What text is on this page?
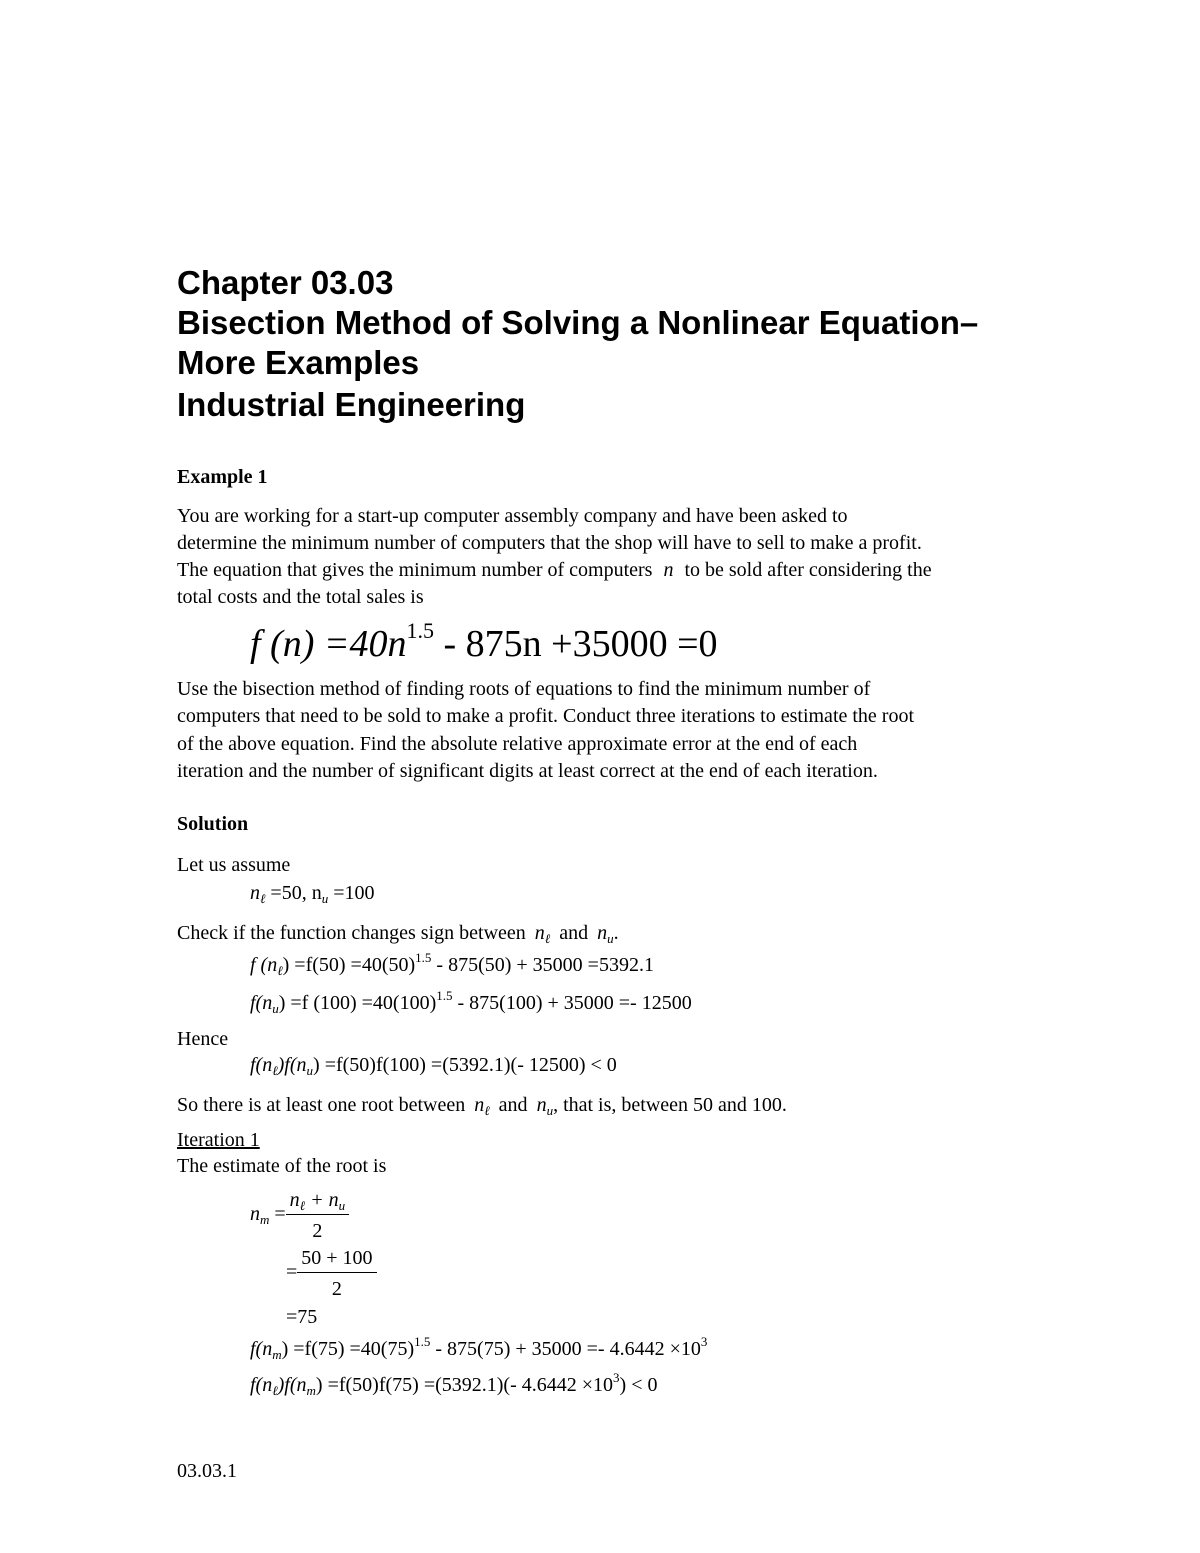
Chapter 03.03
Bisection Method of Solving a Nonlinear Equation–
More Examples
Industrial Engineering
Example 1
You are working for a start-up computer assembly company and have been asked to
determine the minimum number of computers that the shop will have to sell to make a profit.
The equation that gives the minimum number of computers n to be sold after considering the
total costs and the total sales is
f $(n) =40n^{1.5} - 875n +35000 =0$
Use the bisection method of finding roots of equations to find the minimum number of
computers that need to be sold to make a profit. Conduct three iterations to estimate the root
of the above equation. Find the absolute relative approximate error at the end of each
iteration and the number of significant digits at least correct at the end of each iteration.
Solution
Let us assume
$n_\ell =50$, $n_u =100$
Check if the function changes sign between $n_\ell$ and $n_u$.
f $(n_\ell) =f(50) =40(50)^{1.5} - 875(50) + 35000 =5392.1$
$f(n_u) =f$ $(100) =40(100)^{1.5} - 875(100) + 35000 =- 12500$
Hence
$f(n_\ell)f(n_u) =f(50)f(100) =(5392.1)(-$ 12500) < 0
So there is at least one root between $n_\ell$ and $n_u$, that is, between 50 and 100.
Iteration 1
The estimate of the root is
$n_m = \frac{n_\ell + n_u}{2}$
= $\frac{50 + 100}{2}$
=75
$f(n_m) =f(75) =40(75)^{1.5} - 875(75) + 35000 =- 4.6442 \times 10^3$
$f(n_\ell)f(n_m) =f(50)f(75) =(5392.1)(-$ $4.6442 \times 10^3) < 0$
03.03.1
